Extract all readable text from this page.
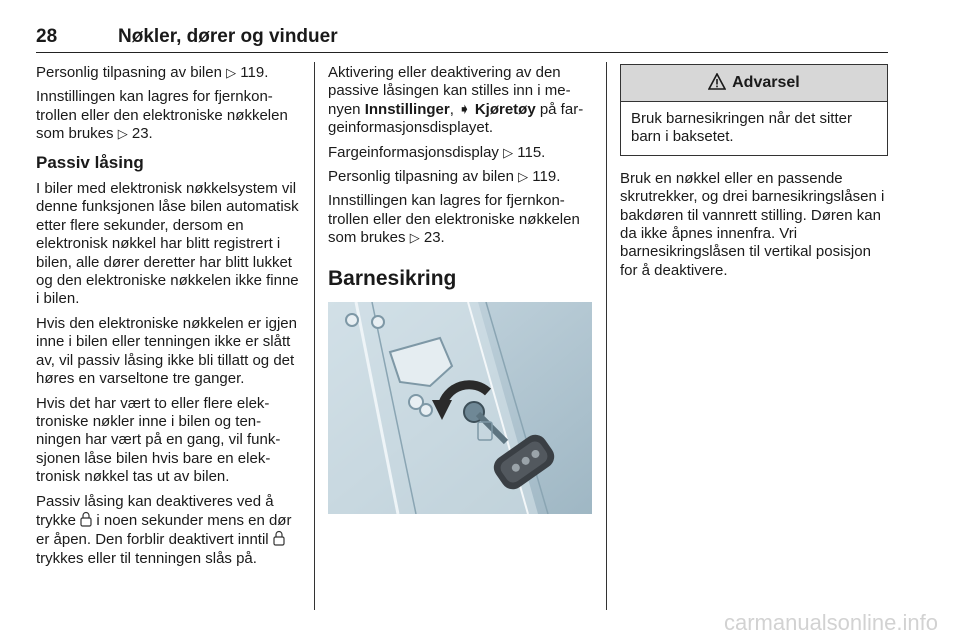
28	Nøkler, dører og vinduer

Personlig tilpasning av bilen ▷ 119.

Innstillingen kan lagres for fjernkontrollen eller den elektroniske nøkkelen som brukes ▷ 23.

Passiv låsing

I biler med elektronisk nøkkelsystem vil denne funksjonen låse bilen automatisk etter flere sekunder, dersom en elektronisk nøkkel har blitt registrert i bilen, alle dører deretter har blitt lukket og den elektroniske nøkkelen ikke finne i bilen.

Hvis den elektroniske nøkkelen er igjen inne i bilen eller tenningen ikke er slått av, vil passiv låsing ikke bli tillatt og det høres en varseltone tre ganger.

Hvis det har vært to eller flere elektroniske nøkler inne i bilen og tenningen har vært på en gang, vil funksjonen låse bilen hvis bare en elektronisk nøkkel tas ut av bilen.

Passiv låsing kan deaktiveres ved å trykke i noen sekunder mens en dør er åpen. Den forblir deaktivert inntil  trykkes eller til tenningen slås på.

Aktivering eller deaktivering av den passive låsingen kan stilles inn i menyen Innstillinger, ➧ Kjøretøy på fargeinformasjonsdisplayet.

Fargeinformasjonsdisplay ▷ 115.

Personlig tilpasning av bilen ▷ 119.

Innstillingen kan lagres for fjernkontrollen eller den elektroniske nøkkelen som brukes ▷ 23.

Barnesikring
Advarsel
Bruk barnesikringen når det sitter barn i baksetet.

Bruk en nøkkel eller en passende skrutrekker, og drei barnesikringslåsen i bakdøren til vannrett stilling. Døren kan da ikke åpnes innenfra. Vri barnesikringslåsen til vertikal posisjon for å deaktivere.

carmanualsonline.info
